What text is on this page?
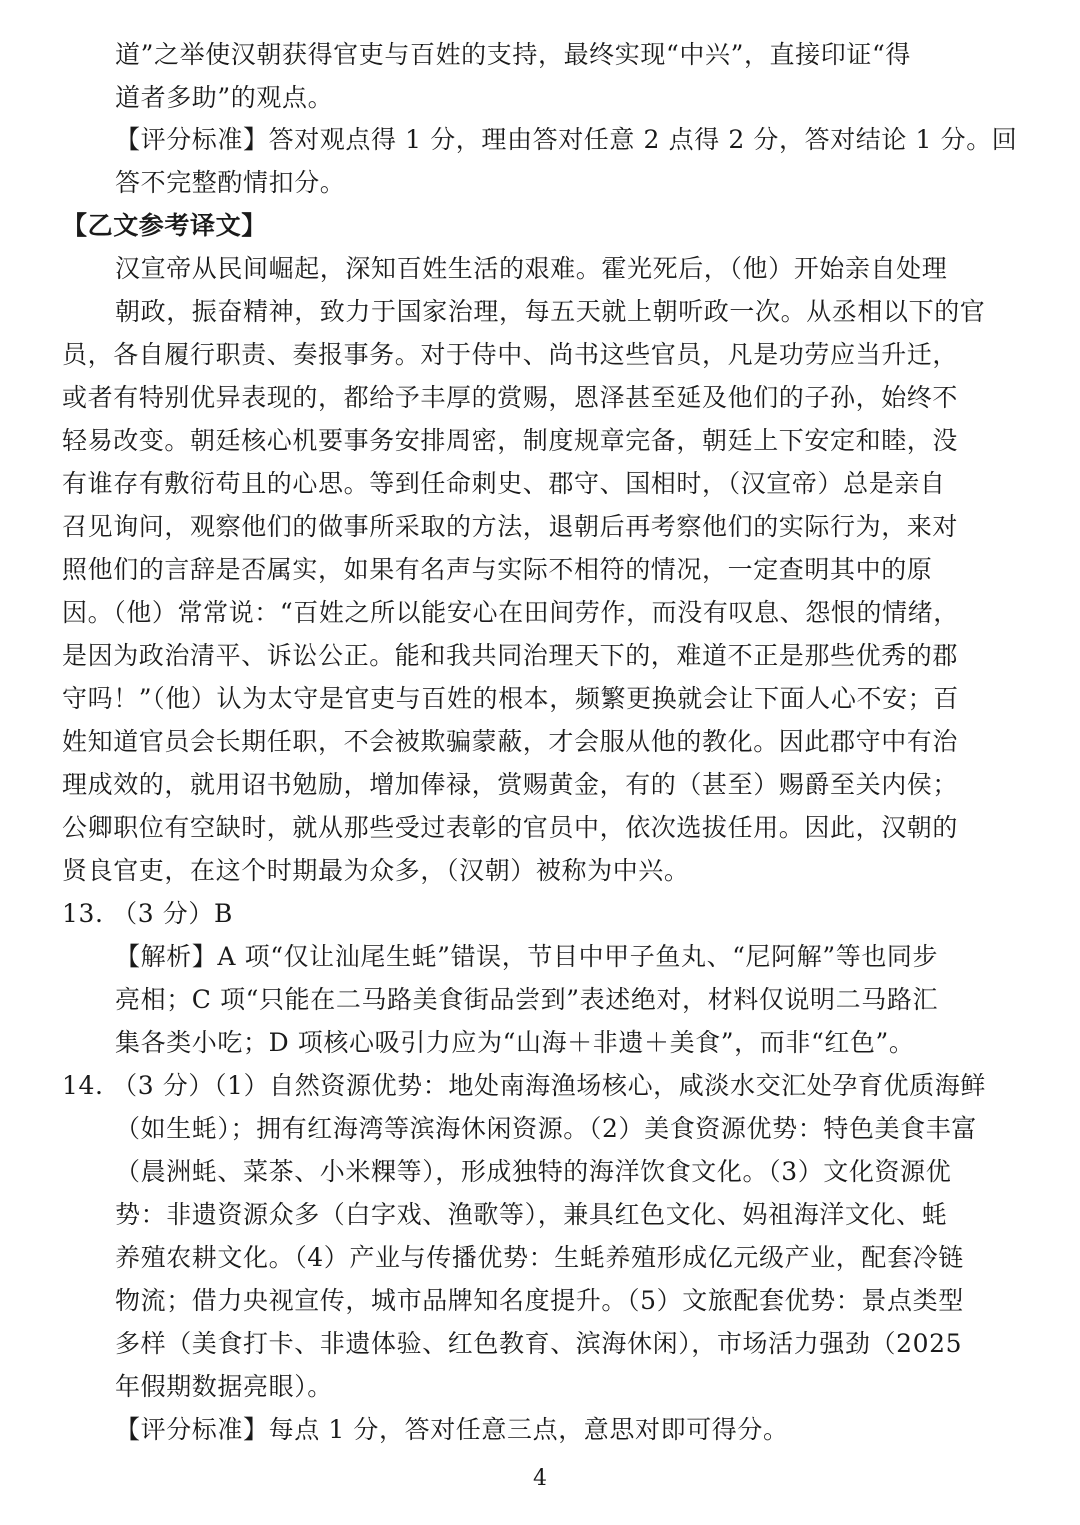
道”之举使汉朝获得官吏与百姓的支持，最终实现“中兴”，直接印证“得
道者多助”的观点。
【评分标准】答对观点得 1 分，理由答对任意 2 点得 2 分，答对结论 1 分。回
答不完整酌情扣分。
【乙文参考译文】
汉宣帝从民间崛起，深知百姓生活的艰难。霍光死后，（他）开始亲自处理
朝政，振奋精神，致力于国家治理，每五天就上朝听政一次。从丞相以下的官
员，各自履行职责、奏报事务。对于侍中、尚书这些官员，凡是功劳应当升迁，
或者有特别优异表现的，都给予丰厚的赏赐，恩泽甚至延及他们的子孙，始终不
轻易改变。朝廷核心机要事务安排周密，制度规章完备，朝廷上下安定和睦，没
有谁存有敷衍苟且的心思。等到任命刺史、郡守、国相时，（汉宣帝）总是亲自
召见询问，观察他们的做事所采取的方法，退朝后再考察他们的实际行为，来对
照他们的言辞是否属实，如果有名声与实际不相符的情况，一定查明其中的原
因。（他）常常说：“百姓之所以能安心在田间劳作，而没有叹息、怨恨的情绪，
是因为政治清平、诉讼公正。能和我共同治理天下的，难道不正是那些优秀的郡
守吗！”（他）认为太守是官吏与百姓的根本，频繁更换就会让下面人心不安；百
姓知道官员会长期任职，不会被欺骗蒙蔽，才会服从他的教化。因此郡守中有治
理成效的，就用诏书勉励，增加俸禄，赏赐黄金，有的（甚至）赐爵至关内侯；
公卿职位有空缺时，就从那些受过表彰的官员中，依次选拔任用。因此，汉朝的
贤良官吏，在这个时期最为众多，（汉朝）被称为中兴。
13. （3 分）B
【解析】A 项“仅让汕尾生蚝”错误，节目中甲子鱼丸、“尼阿解”等也同步
亮相；C 项“只能在二马路美食街品尝到”表述绝对，材料仅说明二马路汇
集各类小吃；D 项核心吸引力应为“山海＋非遗＋美食”，而非“红色”。
14. （3 分）（1）自然资源优势：地处南海渔场核心，咸淡水交汇处孕育优质海鲜
（如生蚝）；拥有红海湾等滨海休闲资源。（2）美食资源优势：特色美食丰富
（晨洲蚝、菜茶、小米粿等），形成独特的海洋饮食文化。（3）文化资源优
势：非遗资源众多（白字戏、渔歌等），兼具红色文化、妈祖海洋文化、蚝
养殖农耕文化。（4）产业与传播优势：生蚝养殖形成亿元级产业，配套冷链
物流；借力央视宣传，城市品牌知名度提升。（5）文旅配套优势：景点类型
多样（美食打卡、非遗体验、红色教育、滨海休闲），市场活力强劲（2025
年假期数据亮眼）。
【评分标准】每点 1 分，答对任意三点，意思对即可得分。
4
